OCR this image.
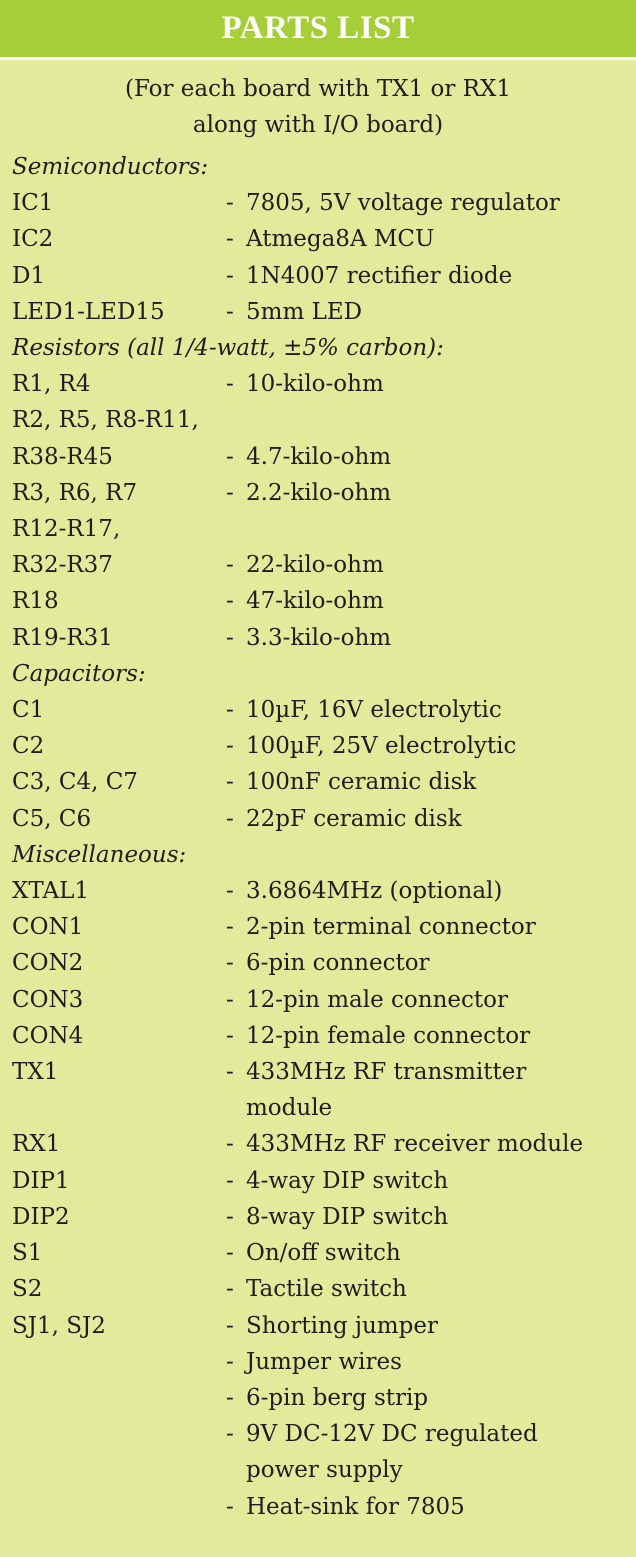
PARTS LIST
(For each board with TX1 or RX1
along with I/O board)
Semiconductors:
IC1	- 7805, 5V voltage regulator
IC2	- Atmega8A MCU
D1	- 1N4007 rectifier diode
LED1-LED15	- 5mm LED
Resistors (all 1/4-watt, ±5% carbon):
R1, R4	- 10-kilo-ohm
R2, R5, R8-R11,
R38-R45	- 4.7-kilo-ohm
R3, R6, R7	- 2.2-kilo-ohm
R12-R17,
R32-R37	- 22-kilo-ohm
R18	- 47-kilo-ohm
R19-R31	- 3.3-kilo-ohm
Capacitors:
C1	- 10µF, 16V electrolytic
C2	- 100µF, 25V electrolytic
C3, C4, C7	- 100nF ceramic disk
C5, C6	- 22pF ceramic disk
Miscellaneous:
XTAL1	- 3.6864MHz (optional)
CON1	- 2-pin terminal connector
CON2	- 6-pin connector
CON3	- 12-pin male connector
CON4	- 12-pin female connector
TX1	- 433MHz RF transmitter
module
RX1	- 433MHz RF receiver module
DIP1	- 4-way DIP switch
DIP2	- 8-way DIP switch
S1	- On/off switch
S2	- Tactile switch
SJ1, SJ2	- Shorting jumper
- Jumper wires
- 6-pin berg strip
- 9V DC-12V DC regulated
power supply
- Heat-sink for 7805
